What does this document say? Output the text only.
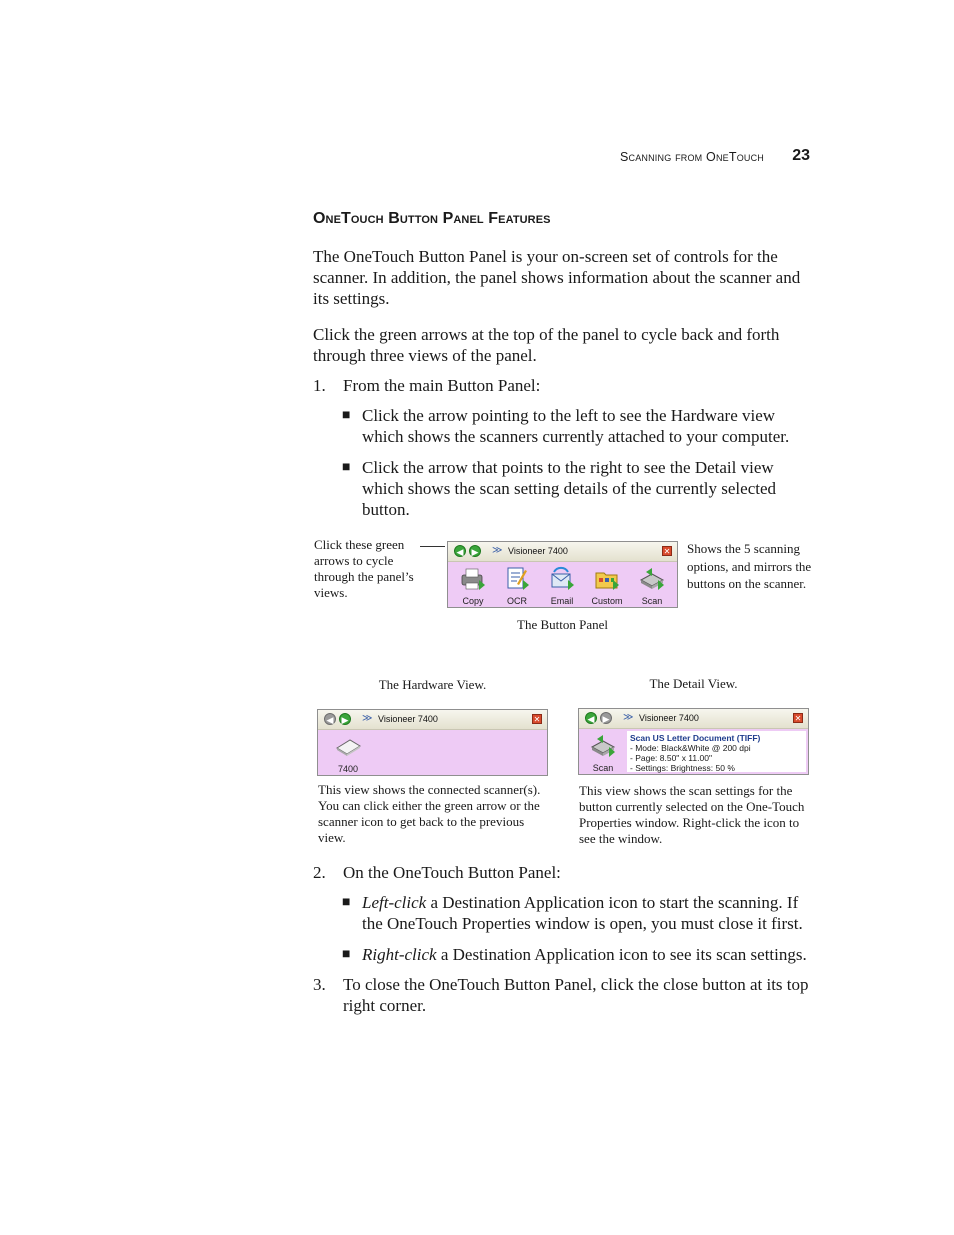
Scanning from OneTouch	23
OneTouch Button Panel Features
The OneTouch Button Panel is your on-screen set of controls for the scanner. In addition, the panel shows information about the scanner and its settings.
Click the green arrows at the top of the panel to cycle back and forth through three views of the panel.
1. From the main Button Panel:
■ Click the arrow pointing to the left to see the Hardware view which shows the scanners currently attached to your computer.
■ Click the arrow that points to the right to see the Detail view which shows the scan setting details of the currently selected button.
Click these green arrows to cycle through the panel’s views.
◀ ▶ ≫ Visioneer 7400	✕
Copy	OCR	Email	Custom	Scan
Shows the 5 scanning options, and mirrors the buttons on the scanner.
The Button Panel
The Hardware View.
◀ ▶ ≫ Visioneer 7400	✕
7400
This view shows the connected scanner(s). You can click either the green arrow or the scanner icon to get back to the previous view.
The Detail View.
◀ ▶ ≫ Visioneer 7400	✕
Scan
Scan US Letter Document (TIFF)
- Mode: Black&White @ 200 dpi
- Page: 8.50" x 11.00"
- Settings: Brightness: 50 %
This view shows the scan settings for the button currently selected on the One-Touch Properties window. Right-click the icon to see the window.
2. On the OneTouch Button Panel:
■ Left-click a Destination Application icon to start the scanning. If the OneTouch Properties window is open, you must close it first.
■ Right-click a Destination Application icon to see its scan settings.
3. To close the OneTouch Button Panel, click the close button at its top right corner.
